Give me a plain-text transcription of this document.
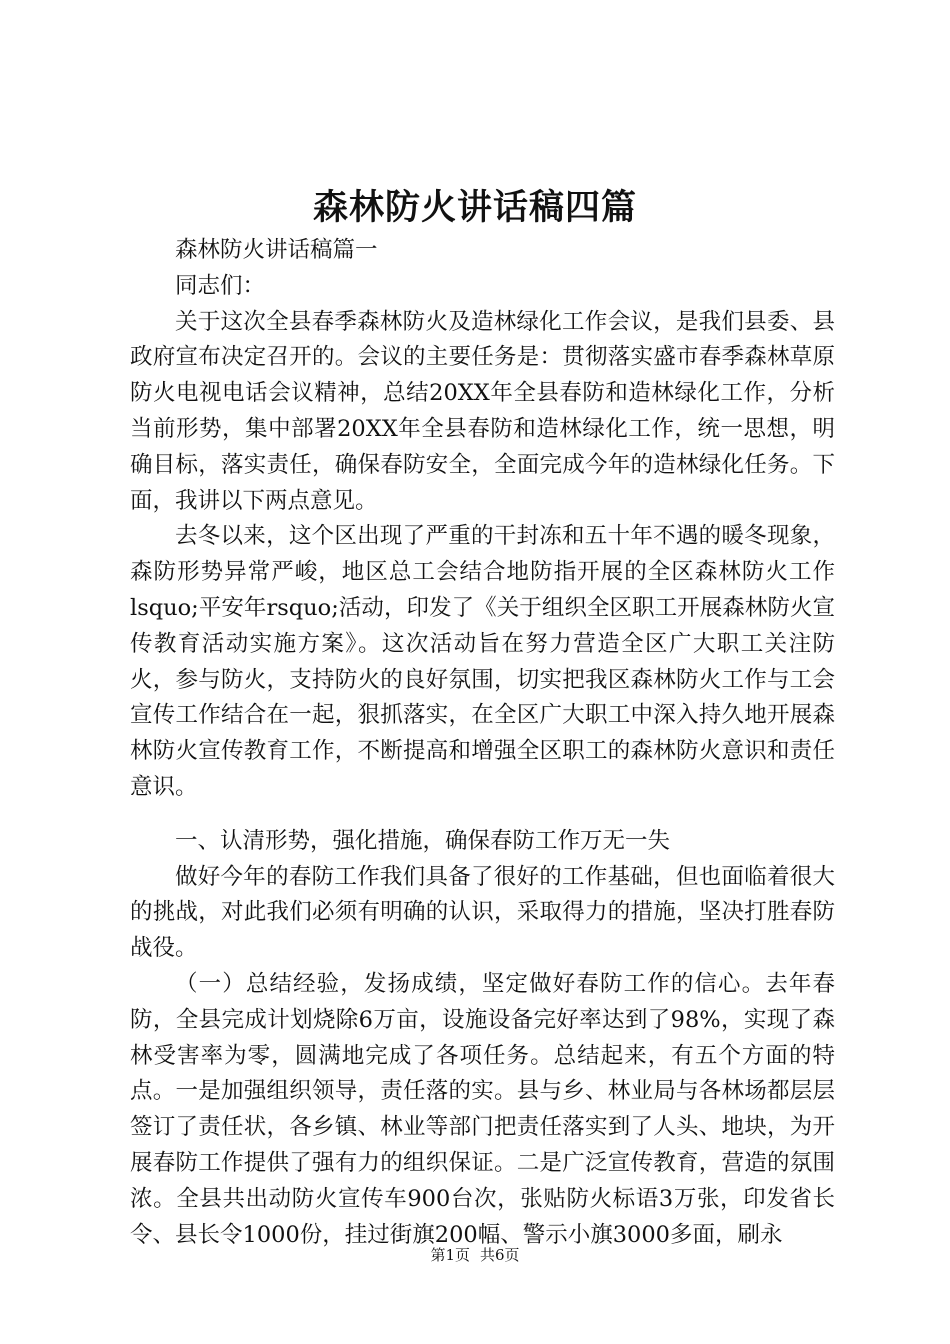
森林防火讲话稿四篇

森林防火讲话稿篇一

同志们：

关于这次全县春季森林防火及造林绿化工作会议，是我们县委、县政府宣布决定召开的。会议的主要任务是：贯彻落实盛市春季森林草原防火电视电话会议精神，总结20XX年全县春防和造林绿化工作，分析当前形势，集中部署20XX年全县春防和造林绿化工作，统一思想，明确目标，落实责任，确保春防安全，全面完成今年的造林绿化任务。下面，我讲以下两点意见。

去冬以来，这个区出现了严重的干封冻和五十年不遇的暖冬现象，森防形势异常严峻，地区总工会结合地防指开展的全区森林防火工作lsquo;平安年rsquo;活动，印发了《关于组织全区职工开展森林防火宣传教育活动实施方案》。这次活动旨在努力营造全区广大职工关注防火，参与防火，支持防火的良好氛围，切实把我区森林防火工作与工会宣传工作结合在一起，狠抓落实，在全区广大职工中深入持久地开展森林防火宣传教育工作，不断提高和增强全区职工的森林防火意识和责任意识。

一、认清形势，强化措施，确保春防工作万无一失

做好今年的春防工作我们具备了很好的工作基础，但也面临着很大的挑战，对此我们必须有明确的认识，采取得力的措施，坚决打胜春防战役。

（一）总结经验，发扬成绩，坚定做好春防工作的信心。去年春防，全县完成计划烧除6万亩，设施设备完好率达到了98%，实现了森林受害率为零，圆满地完成了各项任务。总结起来，有五个方面的特点。一是加强组织领导，责任落的实。县与乡、林业局与各林场都层层签订了责任状，各乡镇、林业等部门把责任落实到了人头、地块，为开展春防工作提供了强有力的组织保证。二是广泛宣传教育，营造的氛围浓。全县共出动防火宣传车900台次，张贴防火标语3万张，印发省长令、县长令1000份，挂过街旗200幅、警示小旗3000多面，刷永

第1页 共6页
